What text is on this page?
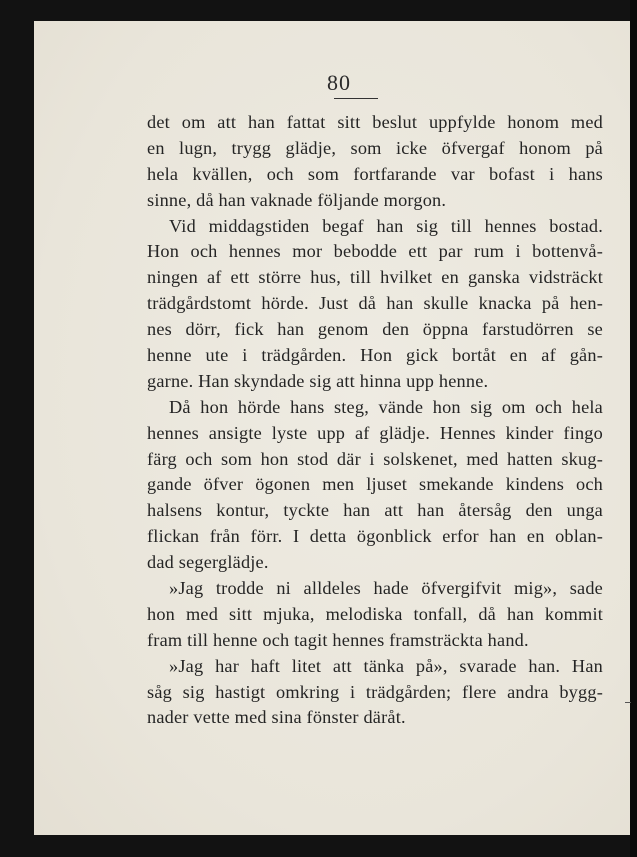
80
det om att han fattat sitt beslut uppfylde honom med
en lugn, trygg glädje, som icke öfvergaf honom på
hela kvällen, och som fortfarande var bofast i hans
sinne, då han vaknade följande morgon.
Vid middagstiden begaf han sig till hennes bostad.
Hon och hennes mor bebodde ett par rum i bottenvå-
ningen af ett större hus, till hvilket en ganska vidsträckt
trädgårdstomt hörde. Just då han skulle knacka på hen-
nes dörr, fick han genom den öppna farstudörren se
henne ute i trädgården. Hon gick bortåt en af gån-
garne. Han skyndade sig att hinna upp henne.
Då hon hörde hans steg, vände hon sig om och hela
hennes ansigte lyste upp af glädje. Hennes kinder fingo
färg och som hon stod där i solskenet, med hatten skug-
gande öfver ögonen men ljuset smekande kindens och
halsens kontur, tyckte han att han återsåg den unga
flickan från förr. I detta ögonblick erfor han en oblan-
dad segerglädje.
»Jag trodde ni alldeles hade öfvergifvit mig», sade
hon med sitt mjuka, melodiska tonfall, då han kommit
fram till henne och tagit hennes framsträckta hand.
»Jag har haft litet att tänka på», svarade han. Han
såg sig hastigt omkring i trädgården; flere andra bygg-
nader vette med sina fönster däråt.
